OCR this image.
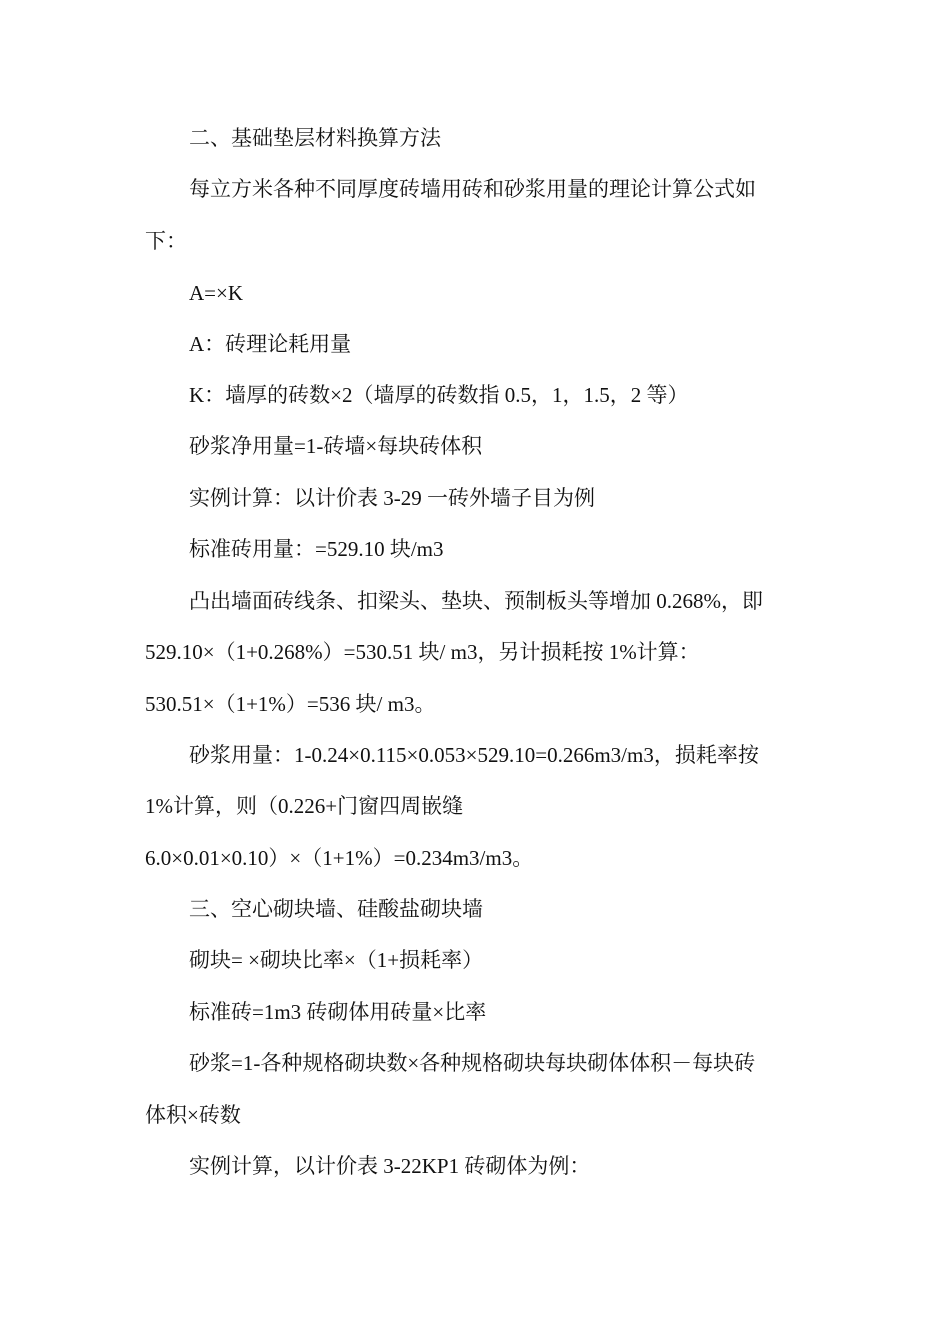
二、基础垫层材料换算方法
每立方米各种不同厚度砖墙用砖和砂浆用量的理论计算公式如
下：
A=×K
A：砖理论耗用量
K：墙厚的砖数×2（墙厚的砖数指 0.5，1，1.5，2 等）
砂浆净用量=1-砖墙×每块砖体积
实例计算：以计价表 3-29 一砖外墙子目为例
标准砖用量：=529.10 块/m3
凸出墙面砖线条、扣梁头、垫块、预制板头等增加 0.268%，即
529.10×（1+0.268%）=530.51 块/ m3，另计损耗按 1%计算：
530.51×（1+1%）=536 块/ m3。
砂浆用量：1-0.24×0.115×0.053×529.10=0.266m3/m3，损耗率按
1%计算，则（0.226+门窗四周嵌缝
6.0×0.01×0.10）×（1+1%）=0.234m3/m3。
三、空心砌块墙、硅酸盐砌块墙
砌块= ×砌块比率×（1+损耗率）
标准砖=1m3 砖砌体用砖量×比率
砂浆=1-各种规格砌块数×各种规格砌块每块砌体体积－每块砖
体积×砖数
实例计算，以计价表 3-22KP1 砖砌体为例：
